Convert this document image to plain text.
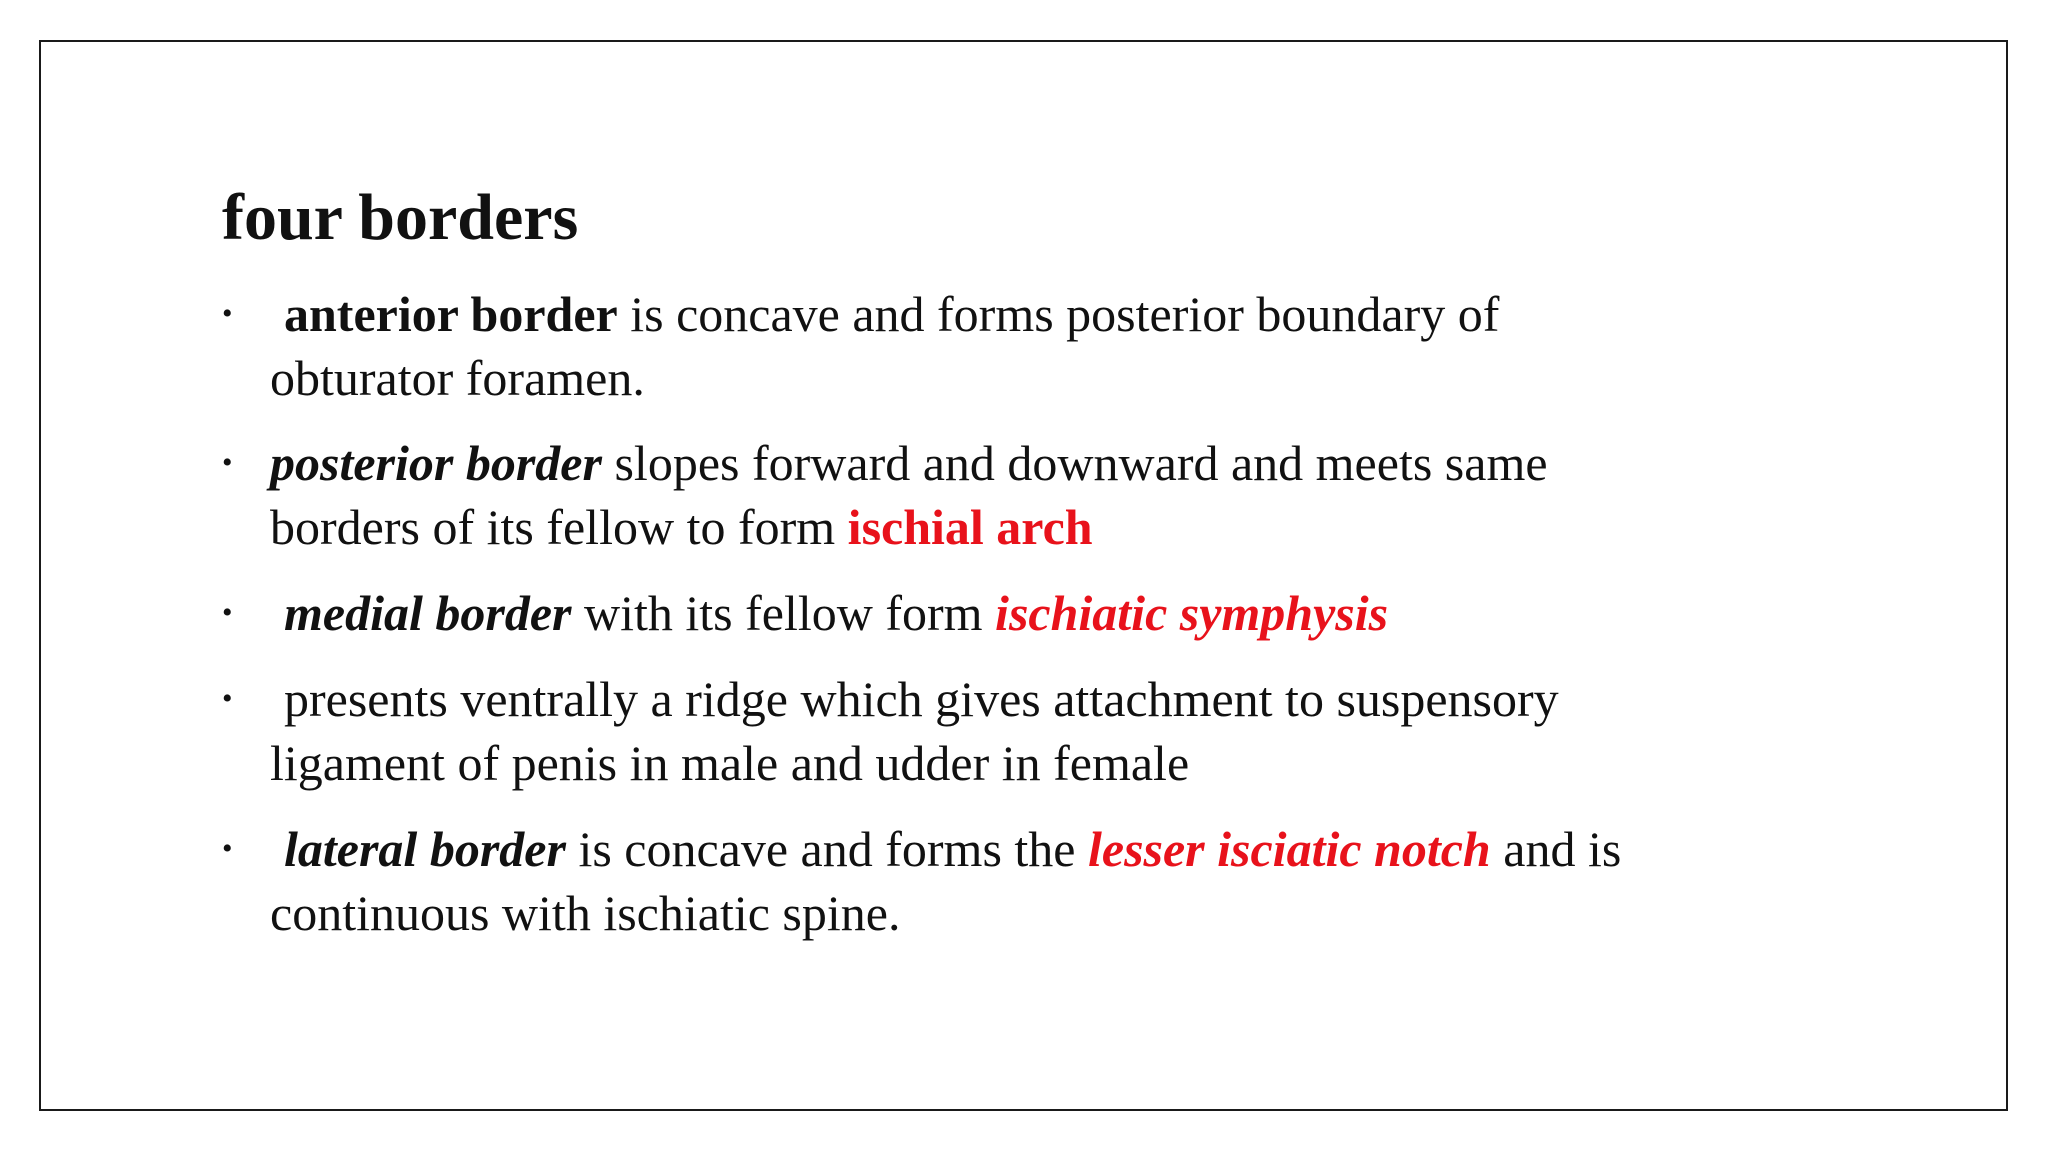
four borders
• anterior border is concave and forms posterior boundary of
obturator foramen.
• posterior border slopes forward and downward and meets same
borders of its fellow to form ischial arch
• medial border with its fellow form ischiatic symphysis
• presents ventrally a ridge which gives attachment to suspensory
ligament of penis in male and udder in female
• lateral border is concave and forms the lesser isciatic notch and is
continuous with ischiatic spine.
